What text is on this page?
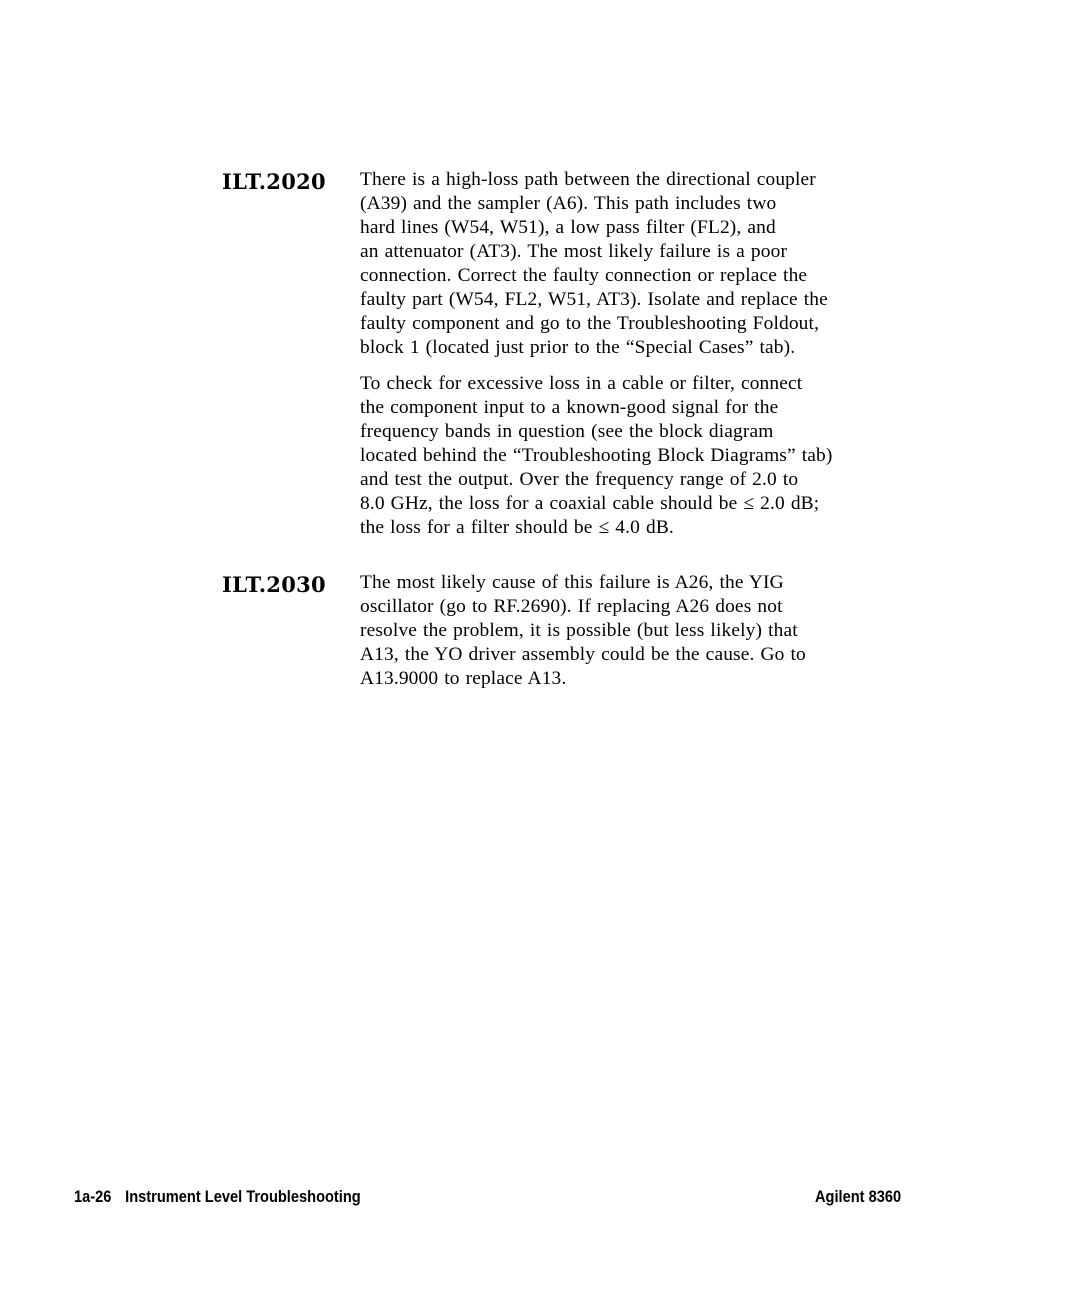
ILT.2020 There is a high-loss path between the directional coupler
(A39) and the sampler (A6). This path includes two
hard lines (W54, W51), a low pass filter (FL2), and
an attenuator (AT3). The most likely failure is a poor
connection. Correct the faulty connection or replace the
faulty part (W54, FL2, W51, AT3). Isolate and replace the
faulty component and go to the Troubleshooting Foldout,
block 1 (located just prior to the “Special Cases” tab).
To check for excessive loss in a cable or filter, connect
the component input to a known-good signal for the
frequency bands in question (see the block diagram
located behind the “Troubleshooting Block Diagrams” tab)
and test the output. Over the frequency range of 2.0 to
8.0 GHz, the loss for a coaxial cable should be ≤ 2.0 dB;
the loss for a filter should be ≤ 4.0 dB.
ILT.2030 The most likely cause of this failure is A26, the YIG
oscillator (go to RF.2690). If replacing A26 does not
resolve the problem, it is possible (but less likely) that
A13, the YO driver assembly could be the cause. Go to
A13.9000 to replace A13.
1a-26 Instrument Level Troubleshooting	Agilent 8360
